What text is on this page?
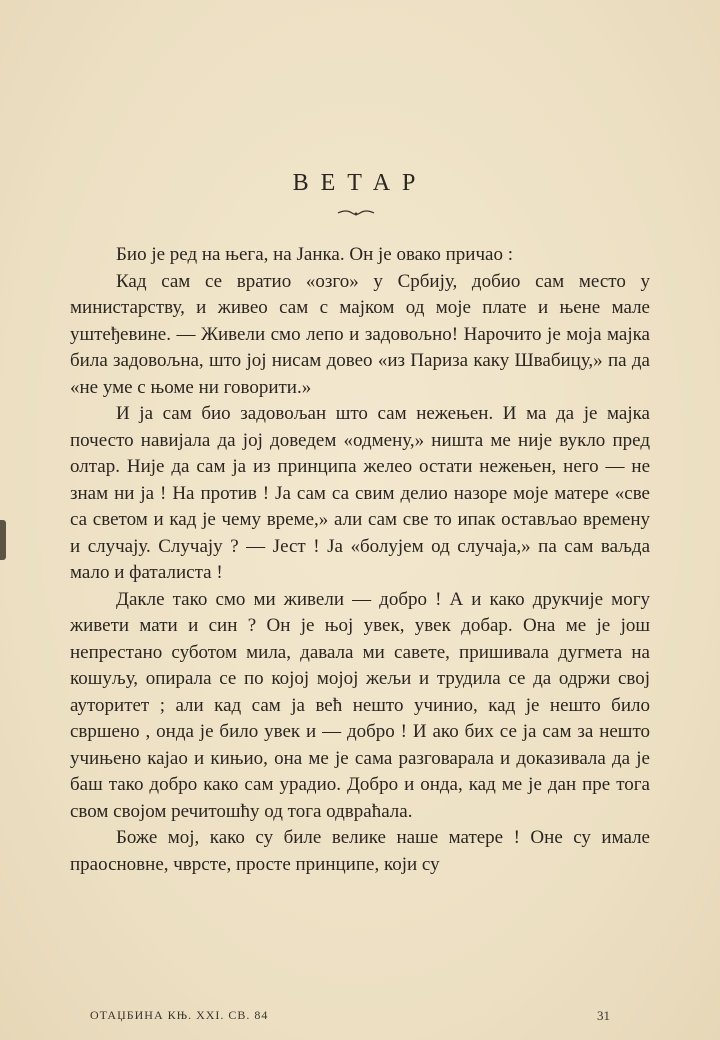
ВЕТАР

Био је ред на њега, на Јанка. Он је овако причао :

Кад сам се вратио «озго» у Србију, добио сам место у министарству, и живео сам с мајком од моје плате и њене мале уштеђевине. — Живели смо лепо и задовољно! Нарочито је моја мајка била задовољна, што јој нисам довео «из Париза каку Швабицу,» па да «не уме с њоме ни говорити.»

И ја сам био задовољан што сам нежењен. И ма да је мајка почесто навијала да јој доведем «одмену,» ништа ме није вукло пред олтар. Није да сам ја из принципа желео остати нежењен, него — не знам ни ја ! На против ! Ја сам са свим делио назоре моје матере «све са светом и кад је чему време,» али сам све то ипак остављао времену и случају. Случају ? — Јест ! Ја «болујем од случаја,» па сам ваљда мало и фаталиста !

Дакле тако смо ми живели — добро ! А и како друкчије могу живети мати и син ? Он је њој увек, увек добар. Она ме је још непрестано суботом мила, давала ми савете, пришивала дугмета на кошуљу, опирала се по којој мојој жељи и трудила се да одржи свој ауторитет ; али кад сам ја већ нешто учинио, кад је нешто било свршено , онда је било увек и — добро ! И ако бих се ја сам за нешто учињено кајао и кињио, она ме је сама разговарала и доказивала да је баш тако добро како сам урадио. Добро и онда, кад ме је дан пре тога свом својом речитошћу од тога одвраћала.

Боже мој, како су биле велике наше матере ! Оне су имале праосновне, чврсте, просте принципе, који су

ОТАЏБИНА КЊ. XXI. СВ. 84	31
